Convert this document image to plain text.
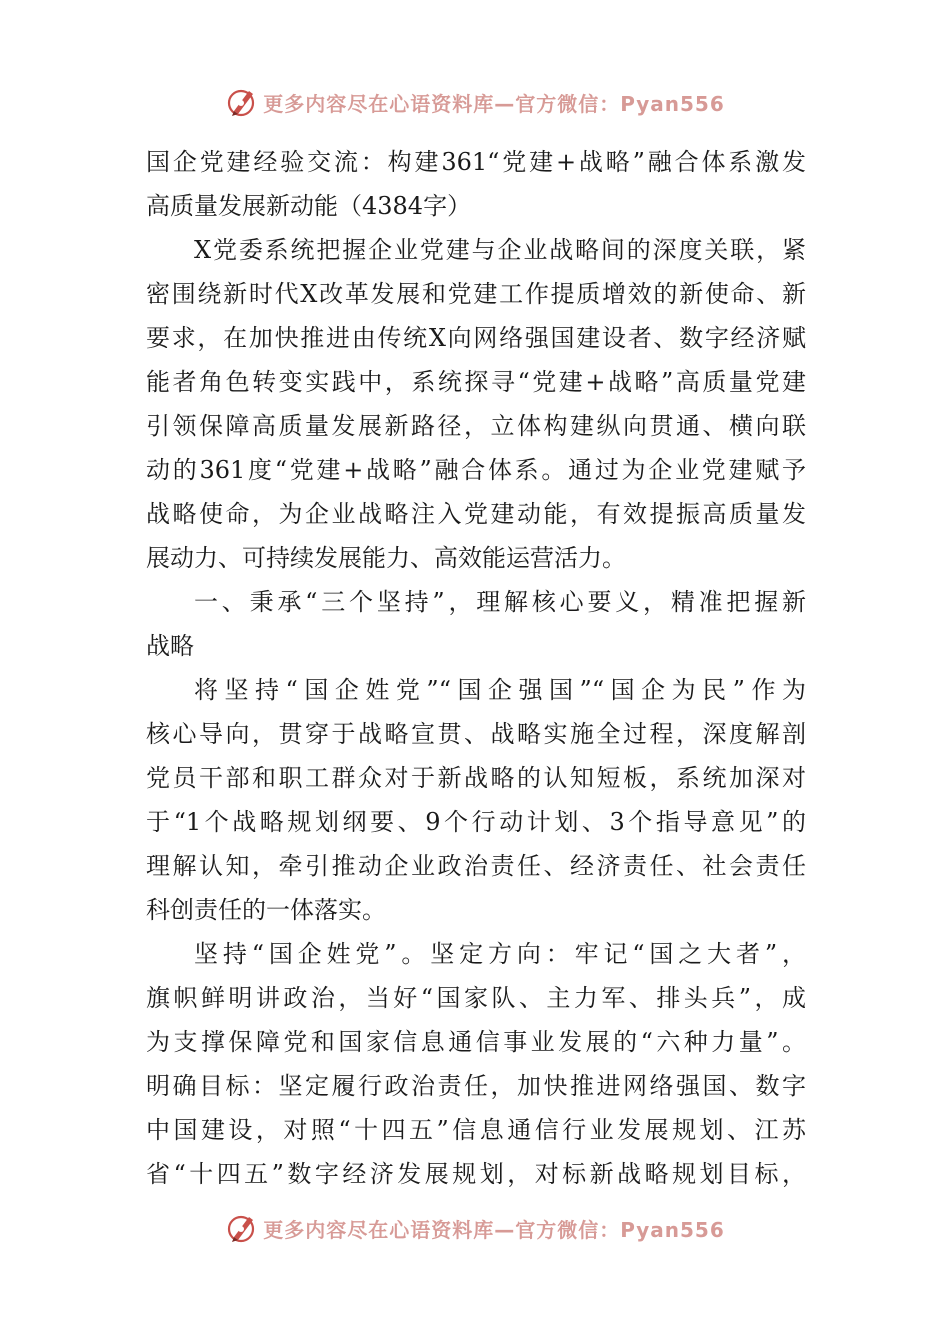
更多内容尽在心语资料库—官方微信：Pyan556
国企党建经验交流：构建361“党建+战略”融合体系激发
高质量发展新动能（4384字）
X党委系统把握企业党建与企业战略间的深度关联，紧
密围绕新时代X改革发展和党建工作提质增效的新使命、新
要求，在加快推进由传统X向网络强国建设者、数字经济赋
能者角色转变实践中，系统探寻“党建+战略”高质量党建
引领保障高质量发展新路径，立体构建纵向贯通、横向联
动的361度“党建+战略”融合体系。通过为企业党建赋予
战略使命，为企业战略注入党建动能，有效提振高质量发
展动力、可持续发展能力、高效能运营活力。
一、秉承“三个坚持”，理解核心要义，精准把握新
战略
将坚持“国企姓党”“国企强国”“国企为民”作为
核心导向，贯穿于战略宣贯、战略实施全过程，深度解剖
党员干部和职工群众对于新战略的认知短板，系统加深对
于“1个战略规划纲要、9个行动计划、3个指导意见”的
理解认知，牵引推动企业政治责任、经济责任、社会责任
科创责任的一体落实。
坚持“国企姓党”。坚定方向：牢记“国之大者”，
旗帜鲜明讲政治，当好“国家队、主力军、排头兵”，成
为支撑保障党和国家信息通信事业发展的“六种力量”。
明确目标：坚定履行政治责任，加快推进网络强国、数字
中国建设，对照“十四五”信息通信行业发展规划、江苏
省“十四五”数字经济发展规划，对标新战略规划目标，
更多内容尽在心语资料库—官方微信：Pyan556
